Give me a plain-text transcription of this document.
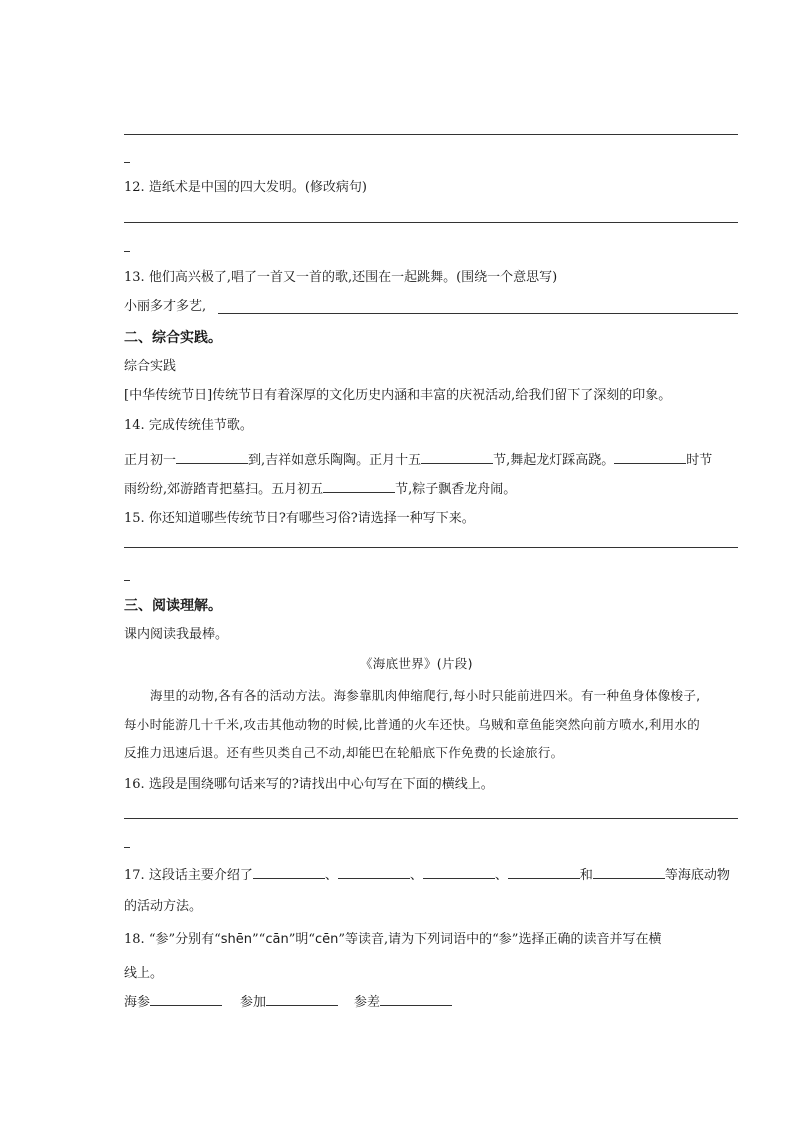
12. 造纸术是中国的四大发明。(修改病句)
13. 他们高兴极了,唱了一首又一首的歌,还围在一起跳舞。(围绕一个意思写)
小丽多才多艺,
二、综合实践。
综合实践
[中华传统节日]传统节日有着深厚的文化历史内涵和丰富的庆祝活动,给我们留下了深刻的印象。
14. 完成传统佳节歌。
正月初一	到,吉祥如意乐陶陶。正月十五	节,舞起龙灯踩高跷。	时节
雨纷纷,郊游踏青把墓扫。五月初五	节,粽子飘香龙舟闹。
15. 你还知道哪些传统节日?有哪些习俗?请选择一种写下来。
三、阅读理解。
课内阅读我最棒。
《海底世界》(片段)
海里的动物,各有各的活动方法。海参靠肌肉伸缩爬行,每小时只能前进四米。有一种鱼身体像梭子,
每小时能游几十千米,攻击其他动物的时候,比普通的火车还快。乌贼和章鱼能突然向前方喷水,利用水的
反推力迅速后退。还有些贝类自己不动,却能巴在轮船底下作免费的长途旅行。
16. 选段是围绕哪句话来写的?请找出中心句写在下面的横线上。
17. 这段话主要介绍了	、	、	、	和	等海底动物
的活动方法。
18. “参”分别有“shēn”“cān”明“cēn”等读音,请为下列词语中的“参”选择正确的读音并写在横
线上。
海参	参加	参差
